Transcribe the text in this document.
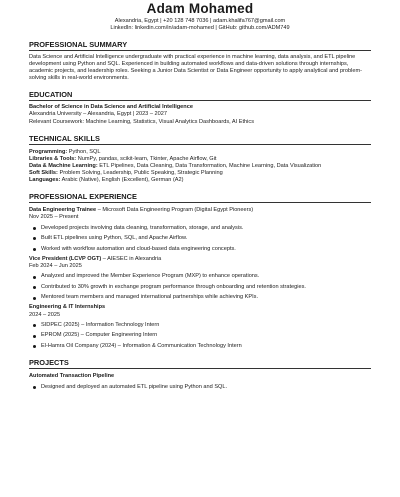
Adam Mohamed
Alexandria, Egypt | +20 128 748 7036 | adam.khalifa767@gmail.com
LinkedIn: linkedin.com/in/adam-mohamed | GitHub: github.com/ADM749
PROFESSIONAL SUMMARY
Data Science and Artificial Intelligence undergraduate with practical experience in machine learning, data analysis, and ETL pipeline development using Python and SQL. Experienced in building automated workflows and data-driven solutions through internships, academic projects, and leadership roles. Seeking a Junior Data Scientist or Data Engineer opportunity to apply analytical and problem-solving skills in real-world environments.
EDUCATION
Bachelor of Science in Data Science and Artificial Intelligence
Alexandria University – Alexandria, Egypt | 2023 – 2027
Relevant Coursework: Machine Learning, Statistics, Visual Analytics Dashboards, AI Ethics
TECHNICAL SKILLS
Programming: Python, SQL
Libraries & Tools: NumPy, pandas, scikit-learn, Tkinter, Apache Airflow, Git
Data & Machine Learning: ETL Pipelines, Data Cleaning, Data Transformation, Machine Learning, Data Visualization
Soft Skills: Problem Solving, Leadership, Public Speaking, Strategic Planning
Languages: Arabic (Native), English (Excellent), German (A2)
PROFESSIONAL EXPERIENCE
Data Engineering Trainee – Microsoft Data Engineering Program (Digital Egypt Pioneers)
Nov 2025 – Present
Developed projects involving data cleaning, transformation, storage, and analysis.
Built ETL pipelines using Python, SQL, and Apache Airflow.
Worked with workflow automation and cloud-based data engineering concepts.
Vice President (LCVP OGT) – AIESEC in Alexandria
Feb 2024 – Jun 2025
Analyzed and improved the Member Experience Program (MXP) to enhance operations.
Contributed to 30% growth in exchange program performance through onboarding and retention strategies.
Mentored team members and managed international partnerships while achieving KPIs.
Engineering & IT Internships
2024 – 2025
SIDPEC (2025) – Information Technology Intern
EPROM (2025) – Computer Engineering Intern
El-Hamra Oil Company (2024) – Information & Communication Technology Intern
PROJECTS
Automated Transaction Pipeline
Designed and deployed an automated ETL pipeline using Python and SQL.
